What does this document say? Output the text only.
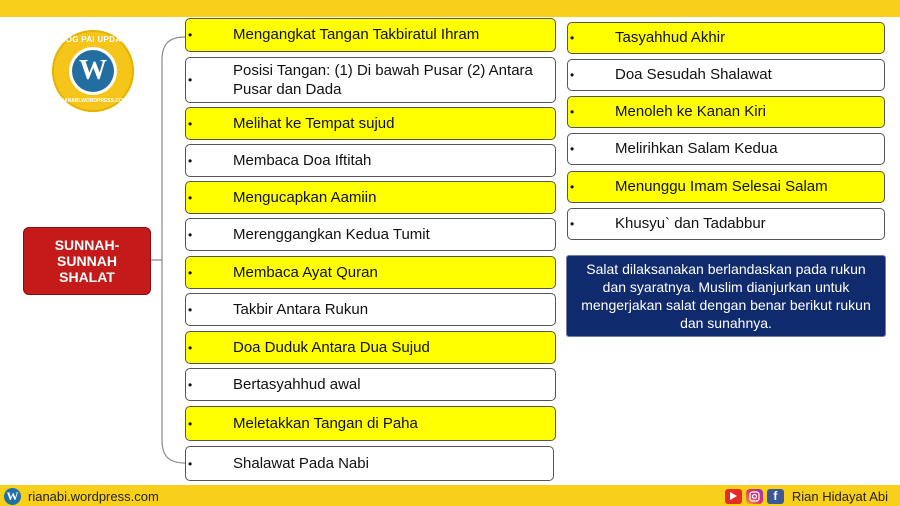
BLOG PAI UPDATE
W
RIANABI.WORDPRESS.COM
SUNNAH-SUNNAH SHALAT
•	Mengangkat Tangan Takbiratul Ihram
•
Posisi Tangan: (1) Di bawah Pusar (2) Antara Pusar dan Dada
•	Melihat ke Tempat sujud
•	Membaca Doa Iftitah
•	Mengucapkan Aamiin
•	Merenggangkan Kedua Tumit
•	Membaca Ayat Quran
•	Takbir Antara Rukun
•	Doa Duduk Antara Dua Sujud
•	Bertasyahhud awal
•	Meletakkan Tangan di Paha
•	Shalawat Pada Nabi
•	Tasyahhud Akhir
•	Doa Sesudah Shalawat
•	Menoleh ke Kanan Kiri
•	Melirihkan Salam Kedua
•	Menunggu Imam Selesai Salam
•	Khusyu` dan Tadabbur
Salat dilaksanakan berlandaskan pada rukun dan syaratnya. Muslim dianjurkan untuk mengerjakan salat dengan benar berikut rukun dan sunahnya.
W rianabi.wordpress.com	f	Rian Hidayat Abi
